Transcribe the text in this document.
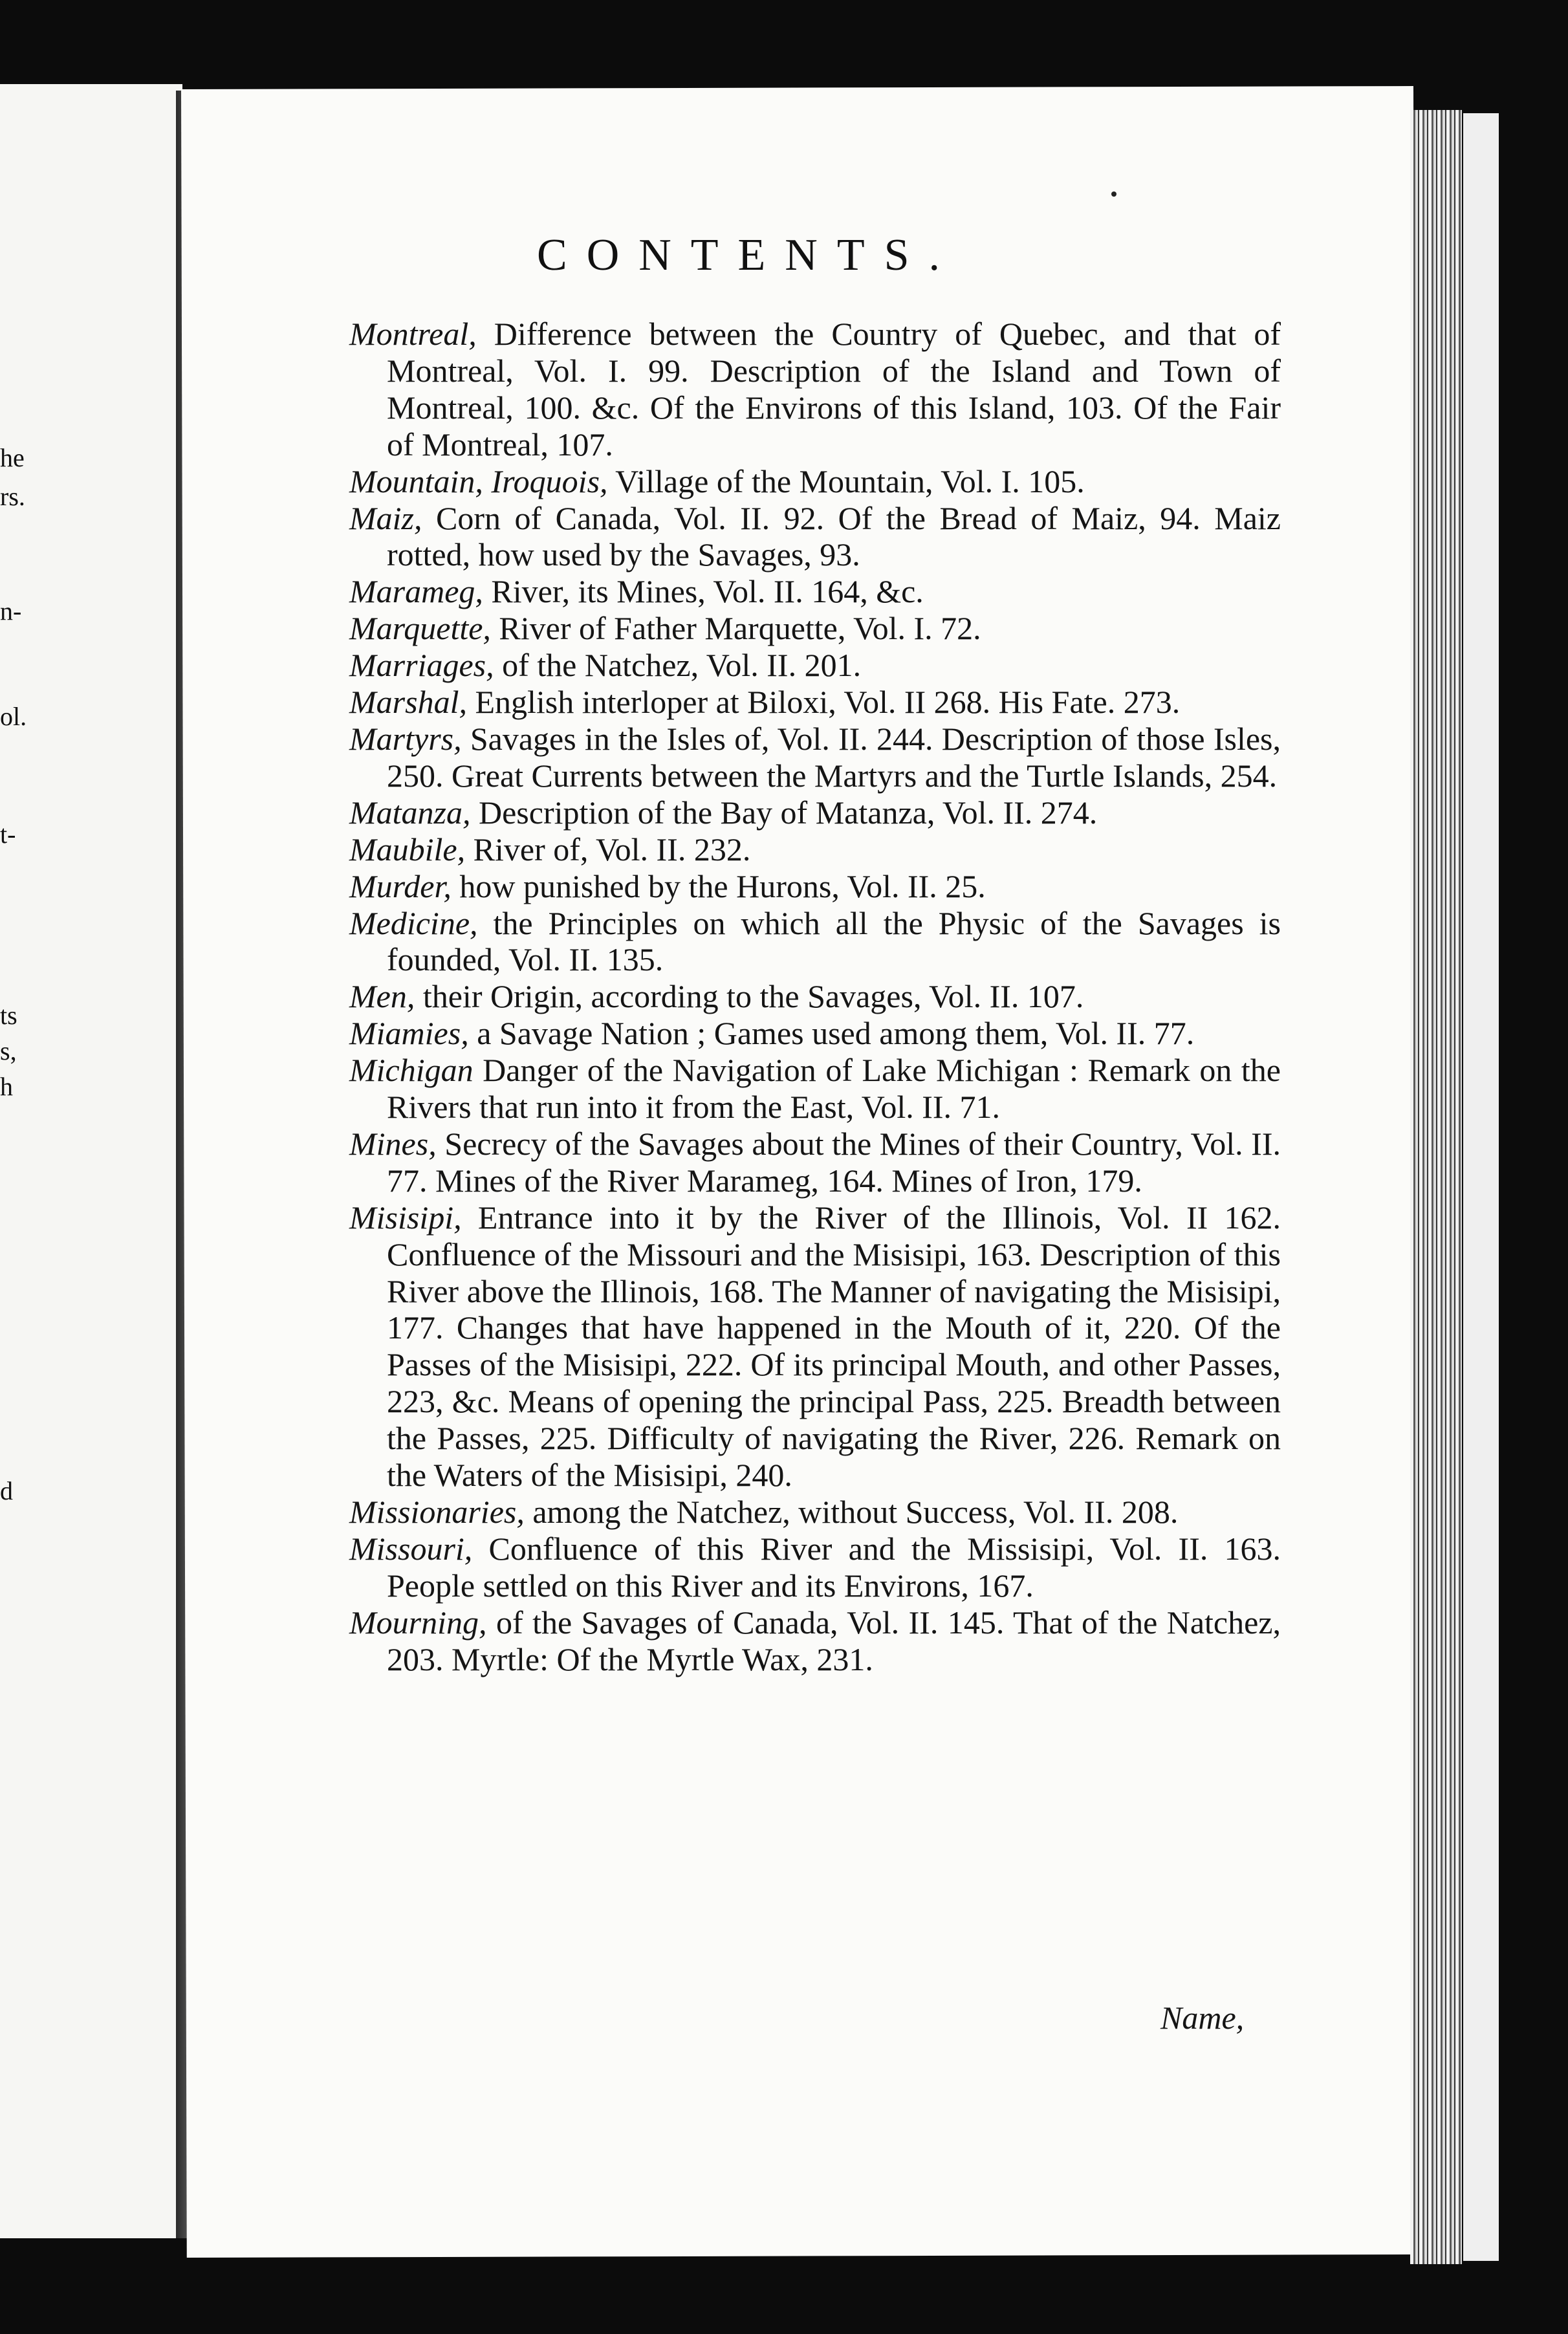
he
rs.
n-
t-
ol.
ts
s,
h
d
CONTENTS.
Montreal, Difference between the Country of Quebec, and that of Montreal, Vol. I. 99. Description of the Island and Town of Montreal, 100. &c. Of the Environs of this Island, 103. Of the Fair of Montreal, 107.
Mountain, Iroquois, Village of the Mountain, Vol. I. 105.
Maiz, Corn of Canada, Vol. II. 92. Of the Bread of Maiz, 94. Maiz rotted, how used by the Savages, 93.
Marameg, River, its Mines, Vol. II. 164, &c.
Marquette, River of Father Marquette, Vol. I. 72.
Marriages, of the Natchez, Vol. II. 201.
Marshal, English interloper at Biloxi, Vol. II 268. His Fate. 273.
Martyrs, Savages in the Isles of, Vol. II. 244. Description of those Isles, 250. Great Currents between the Martyrs and the Turtle Islands, 254.
Matanza, Description of the Bay of Matanza, Vol. II. 274.
Maubile, River of, Vol. II. 232.
Murder, how punished by the Hurons, Vol. II. 25.
Medicine, the Principles on which all the Physic of the Savages is founded, Vol. II. 135.
Men, their Origin, according to the Savages, Vol. II. 107.
Miamies, a Savage Nation ; Games used among them, Vol. II. 77.
Michigan Danger of the Navigation of Lake Michigan : Remark on the Rivers that run into it from the East, Vol. II. 71.
Mines, Secrecy of the Savages about the Mines of their Country, Vol. II. 77. Mines of the River Marameg, 164. Mines of Iron, 179.
Misisipi, Entrance into it by the River of the Illinois, Vol. II 162. Confluence of the Missouri and the Misisipi, 163. Description of this River above the Illinois, 168. The Manner of navigating the Misisipi, 177. Changes that have happened in the Mouth of it, 220. Of the Passes of the Misisipi, 222. Of its principal Mouth, and other Passes, 223, &c. Means of opening the principal Pass, 225. Breadth between the Passes, 225. Difficulty of navigating the River, 226. Remark on the Waters of the Misisipi, 240.
Missionaries, among the Natchez, without Success, Vol. II. 208.
Missouri, Confluence of this River and the Missisipi, Vol. II. 163. People settled on this River and its Environs, 167.
Mourning, of the Savages of Canada, Vol. II. 145. That of the Natchez, 203. Myrtle: Of the Myrtle Wax, 231.
Name,
